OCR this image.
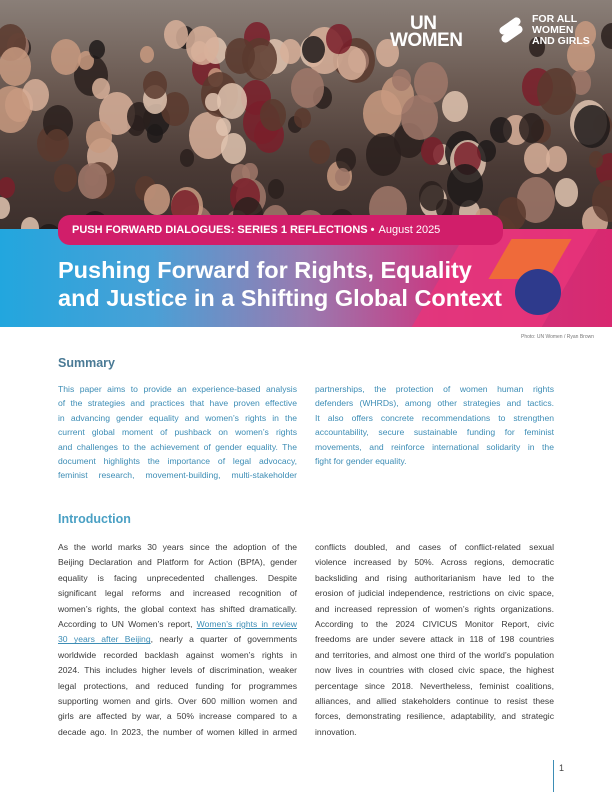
UN
WOMEN
FOR ALL
WOMEN
AND GIRLS
PUSH FORWARD DIALOGUES: SERIES 1 REFLECTIONS
• August 2025
Pushing Forward for Rights, Equality
and Justice in a Shifting Global Context
Photo: UN Women / Ryan Brown
Summary
This paper aims to provide an experience-based analysis
of the strategies and practices that have proven effective
in advancing gender equality and women’s rights in the
current global moment of pushback on women’s rights
and challenges to the achievement of gender equality. The
document highlights the importance of legal advocacy,
feminist research, movement-building, multi-stakeholder
partnerships, the protection of women human rights
defenders (WHRDs), among other strategies and tactics.
It also offers concrete recommendations to strengthen
accountability, secure sustainable funding for feminist
movements, and reinforce international solidarity in the
fight for gender equality.
Introduction
As the world marks 30 years since the adoption of the
Beijing Declaration and Platform for Action (BPfA), gender
equality is facing unprecedented challenges. Despite
significant legal reforms and increased recognition of
women’s rights, the global context has shifted dramatically.
According to UN Women’s report, Women’s rights in review
30 years after Beijing, nearly a quarter of governments
worldwide recorded backlash against women’s rights in
2024. This includes higher levels of discrimination, weaker
legal protections, and reduced funding for programmes
supporting women and girls. Over 600 million women and
girls are affected by war, a 50% increase compared to a
decade ago. In 2023, the number of women killed in armed
conflicts doubled, and cases of conflict-related sexual
violence increased by 50%. Across regions, democratic
backsliding and rising authoritarianism have led to the
erosion of judicial independence, restrictions on civic space,
and increased repression of women’s rights organizations.
According to the 2024 CIVICUS Monitor Report, civic
freedoms are under severe attack in 118 of 198 countries
and territories, and almost one third of the world’s population
now lives in countries with closed civic space, the highest
percentage since 2018. Nevertheless, feminist coalitions,
alliances, and allied stakeholders continue to resist these
forces, demonstrating resilience, adaptability, and strategic
innovation.
1
